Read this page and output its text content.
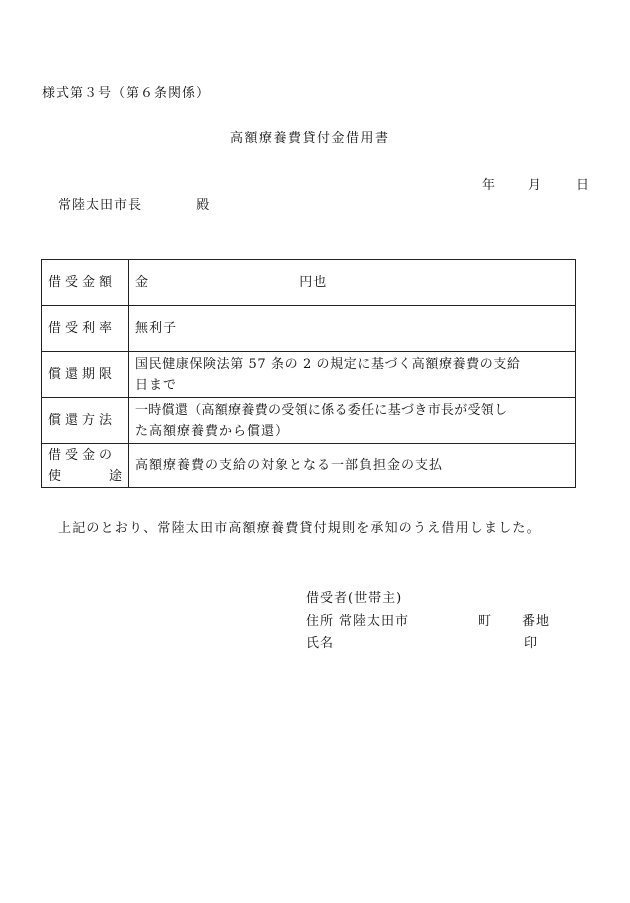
様式第３号（第６条関係）
高額療養費貸付金借用書
年	月	日
常陸太田市長	殿
借受金額	金 円也
借受利率	無利子
償還期限	国民健康保険法第 57 条の 2 の規定に基づく高額療養費の支給
日まで

償還方法	一時償還（高額療養費の受領に係る委任に基づき市長が受領し
た高額療養費から償還）

借受金の
使 途	高額療養費の支給の対象となる一部負担金の支払
上記のとおり、常陸太田市高額療養費貸付規則を承知のうえ借用しました。
借受者(世帯主)
住所 常陸太田市	町 番地
氏名	印
